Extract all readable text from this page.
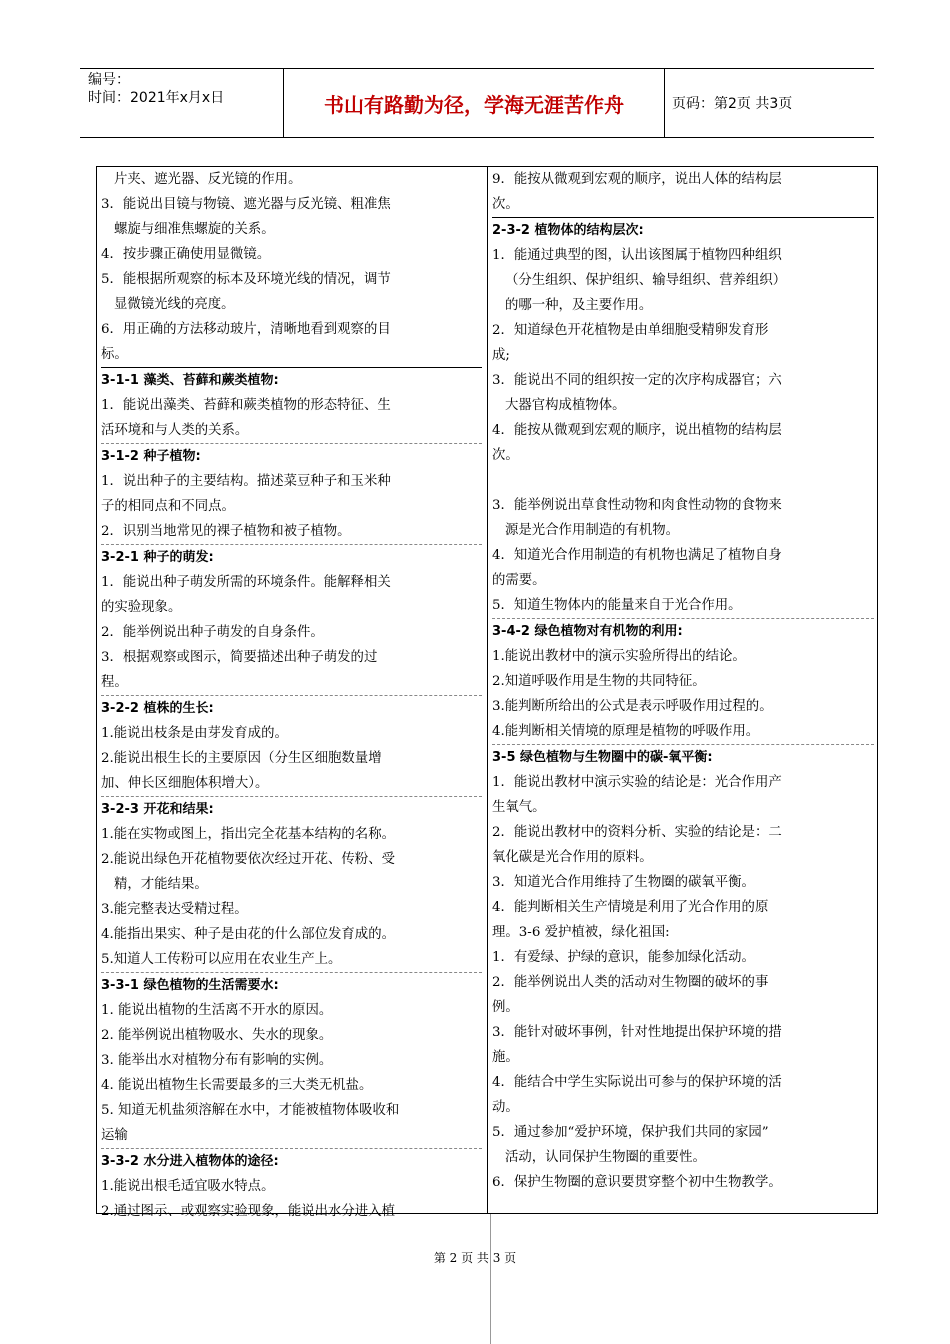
编号：
时间：2021年x月x日	书山有路勤为径，学海无涯苦作舟	页码：第2页 共3页
片夹、遮光器、反光镜的作用。
3．能说出目镜与物镜、遮光器与反光镜、粗准焦
螺旋与细准焦螺旋的关系。
4．按步骤正确使用显微镜。
5．能根据所观察的标本及环境光线的情况，调节
显微镜光线的亮度。
6．用正确的方法移动玻片，清晰地看到观察的目
标。
3-1-1 藻类、苔藓和蕨类植物:
1．能说出藻类、苔藓和蕨类植物的形态特征、生
活环境和与人类的关系。
3-1-2 种子植物:
1．说出种子的主要结构。描述菜豆种子和玉米种
子的相同点和不同点。
2．识别当地常见的裸子植物和被子植物。
3-2-1 种子的萌发:
1．能说出种子萌发所需的环境条件。能解释相关
的实验现象。
2．能举例说出种子萌发的自身条件。
3．根据观察或图示，简要描述出种子萌发的过
程。
3-2-2 植株的生长:
1.能说出枝条是由芽发育成的。
2.能说出根生长的主要原因（分生区细胞数量增
加、伸长区细胞体积增大）。
3-2-3 开花和结果:
1.能在实物或图上，指出完全花基本结构的名称。
2.能说出绿色开花植物要依次经过开花、传粉、受
精，才能结果。
3.能完整表达受精过程。
4.能指出果实、种子是由花的什么部位发育成的。
5.知道人工传粉可以应用在农业生产上。
3-3-1 绿色植物的生活需要水:
1. 能说出植物的生活离不开水的原因。
2. 能举例说出植物吸水、失水的现象。
3. 能举出水对植物分布有影响的实例。
4. 能说出植物生长需要最多的三大类无机盐。
5. 知道无机盐须溶解在水中，才能被植物体吸收和
运输
3-3-2 水分进入植物体的途径:
1.能说出根毛适宜吸水特点。
2.通过图示、或观察实验现象，能说出水分进入植
9．能按从微观到宏观的顺序，说出人体的结构层
次。
2-3-2 植物体的结构层次:
1．能通过典型的图，认出该图属于植物四种组织
（分生组织、保护组织、输导组织、营养组织）
的哪一种，及主要作用。
2．知道绿色开花植物是由单细胞受精卵发育形
成;
3．能说出不同的组织按一定的次序构成器官；六
大器官构成植物体。
4．能按从微观到宏观的顺序，说出植物的结构层
次。
3．能举例说出草食性动物和肉食性动物的食物来
源是光合作用制造的有机物。
4．知道光合作用制造的有机物也满足了植物自身
的需要。
5．知道生物体内的能量来自于光合作用。
3-4-2 绿色植物对有机物的利用:
1.能说出教材中的演示实验所得出的结论。
2.知道呼吸作用是生物的共同特征。
3.能判断所给出的公式是表示呼吸作用过程的。
4.能判断相关情境的原理是植物的呼吸作用。
3-5 绿色植物与生物圈中的碳-氧平衡:
1．能说出教材中演示实验的结论是：光合作用产
生氧气。
2．能说出教材中的资料分析、实验的结论是：二
氧化碳是光合作用的原料。
3．知道光合作用维持了生物圈的碳氧平衡。
4．能判断相关生产情境是利用了光合作用的原
理。3-6 爱护植被，绿化祖国:
1．有爱绿、护绿的意识，能参加绿化活动。
2．能举例说出人类的活动对生物圈的破坏的事
例。
3．能针对破坏事例，针对性地提出保护环境的措
施。
4．能结合中学生实际说出可参与的保护环境的活
动。
5．通过参加“爱护环境，保护我们共同的家园”
活动，认同保护生物圈的重要性。
6．保护生物圈的意识要贯穿整个初中生物教学。
第 2 页 共 3 页
